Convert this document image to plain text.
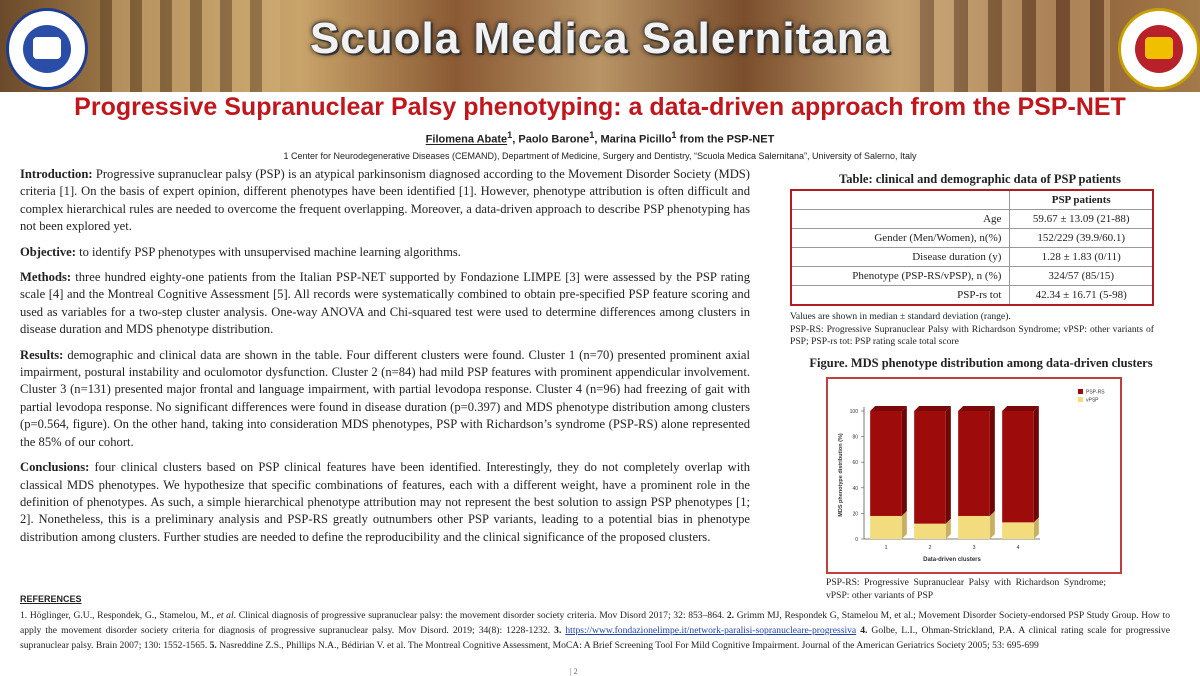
Scuola Medica Salernitana
Progressive Supranuclear Palsy phenotyping: a data-driven approach from the PSP-NET
Filomena Abate$^1$, Paolo Barone$^1$, Marina Picillo$^1$ from the PSP-NET
1 Center for Neurodegenerative Diseases (CEMAND), Department of Medicine, Surgery and Dentistry, “Scuola Medica Salernitana”, University of Salerno, Italy

Introduction: Progressive supranuclear palsy (PSP) is an atypical parkinsonism diagnosed according to the Movement Disorder Society (MDS) criteria [1]. On the basis of expert opinion, different phenotypes have been identified [1]. However, phenotype attribution is often difficult and complex hierarchical rules are needed to overcome the frequent overlapping. Moreover, a data-driven approach to describe PSP phenotyping has not been explored yet.

Objective: to identify PSP phenotypes with unsupervised machine learning algorithms.

Methods: three hundred eighty-one patients from the Italian PSP-NET supported by Fondazione LIMPE [3] were assessed by the PSP rating scale [4] and the Montreal Cognitive Assessment [5]. All records were systematically combined to obtain pre-specified PSP feature scoring and used as variables for a two-step cluster analysis. One-way ANOVA and Chi-squared test were used to determine differences among clusters in disease duration and MDS phenotype distribution.

Results: demographic and clinical data are shown in the table. Four different clusters were found. Cluster 1 (n=70) presented prominent axial impairment, postural instability and oculomotor dysfunction. Cluster 2 (n=84) had mild PSP features with prominent appendicular involvement. Cluster 3 (n=131) presented major frontal and language impairment, with partial levodopa response. Cluster 4 (n=96) had freezing of gait with partial levodopa response. No significant differences were found in disease duration (p=0.397) and MDS phenotype distribution among clusters (p=0.564, figure). On the other hand, taking into consideration MDS phenotypes, PSP with Richardson’s syndrome (PSP-RS) alone represented the 85% of our cohort.

Conclusions: four clinical clusters based on PSP clinical features have been identified. Interestingly, they do not completely overlap with classical MDS phenotypes. We hypothesize that specific combinations of features, each with a different weight, have a prominent role in the definition of phenotypes. As such, a simple hierarchical phenotype attribution may not represent the best solution to assign PSP phenotypes [1; 2]. Nonetheless, this is a preliminary analysis and PSP-RS greatly outnumbers other PSP variants, leading to a potential bias in phenotype distribution among clusters. Further studies are needed to define the reproducibility and the clinical significance of the proposed clusters.

REFERENCES
1. Höglinger, G.U., Respondek, G., Stamelou, M., et al. Clinical diagnosis of progressive supranuclear palsy: the movement disorder society criteria. Mov Disord 2017; 32: 853–864. 2. Grimm MJ, Respondek G, Stamelou M, et al.; Movement Disorder Society-endorsed PSP Study Group. How to apply the movement disorder society criteria for diagnosis of progressive supranuclear palsy. Mov Disord. 2019; 34(8): 1228-1232. 3. https://www.fondazionelimpe.it/network-paralisi-sopranucleare-progressiva 4. Golbe, L.I., Ohman-Strickland, P.A. A clinical rating scale for progressive supranuclear palsy. Brain 2007; 130: 1552-1565. 5. Nasreddine Z.S., Phillips N.A., Bédirian V. et al. The Montreal Cognitive Assessment, MoCA: A Brief Screening Tool For Mild Cognitive Impairment. Journal of the American Geriatrics Society 2005; 53: 695-699
Table: clinical and demographic data of PSP patients
	PSP patients
Age	59.67 ± 13.09 (21-88)
Gender (Men/Women), n(%)	152/229 (39.9/60.1)
Disease duration (y)	1.28 ± 1.83 (0/11)
Phenotype (PSP-RS/vPSP), n (%)	324/57 (85/15)
PSP-rs tot	42.34 ± 16.71 (5-98)
Values are shown in median ± standard deviation (range).
PSP-RS: Progressive Supranuclear Palsy with Richardson Syndrome; vPSP: other variants of PSP; PSP-rs tot: PSP rating scale total score
Figure. MDS phenotype distribution among data-driven clusters
0
20
40
60
80
100
1	2	3	4
Data-driven clusters
MDS phenotype distribution (%)
PSP-RS
vPSP
PSP-RS: Progressive Supranuclear Palsy with Richardson Syndrome; vPSP: other variants of PSP
| 2
